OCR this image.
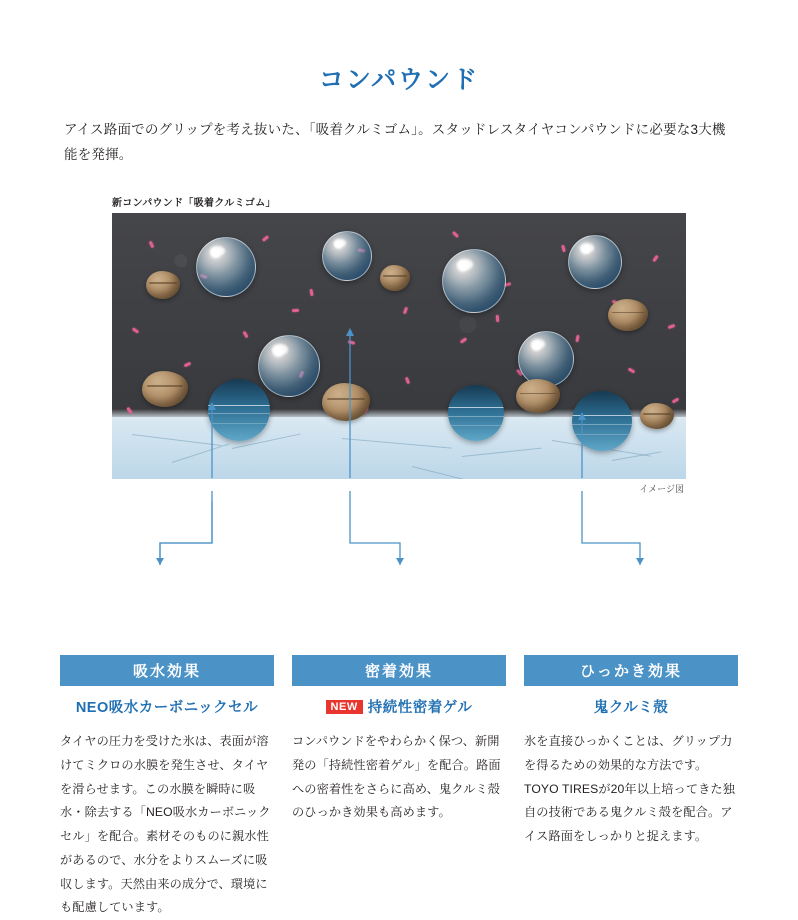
コンパウンド

アイス路面でのグリップを考え抜いた、「吸着クルミゴム」。スタッドレスタイヤコンパウンドに必要な3大機能を発揮。

新コンパウンド「吸着クルミゴム」
イメージ図
吸水効果
NEO吸水カーボニックセル
タイヤの圧力を受けた氷は、表面が溶けてミクロの水膜を発生させ、タイヤを滑らせます。この水膜を瞬時に吸水・除去する「NEO吸水カーボニックセル」を配合。素材そのものに親水性があるので、水分をよりスムーズに吸収します。天然由来の成分で、環境にも配慮しています。
密着効果
NEW 持続性密着ゲル
コンパウンドをやわらかく保つ、新開発の「持続性密着ゲル」を配合。路面への密着性をさらに高め、鬼クルミ殻のひっかき効果も高めます。
ひっかき効果
鬼クルミ殻
氷を直接ひっかくことは、グリップ力を得るための効果的な方法です。TOYO TIRESが20年以上培ってきた独自の技術である鬼クルミ殻を配合。アイス路面をしっかりと捉えます。
